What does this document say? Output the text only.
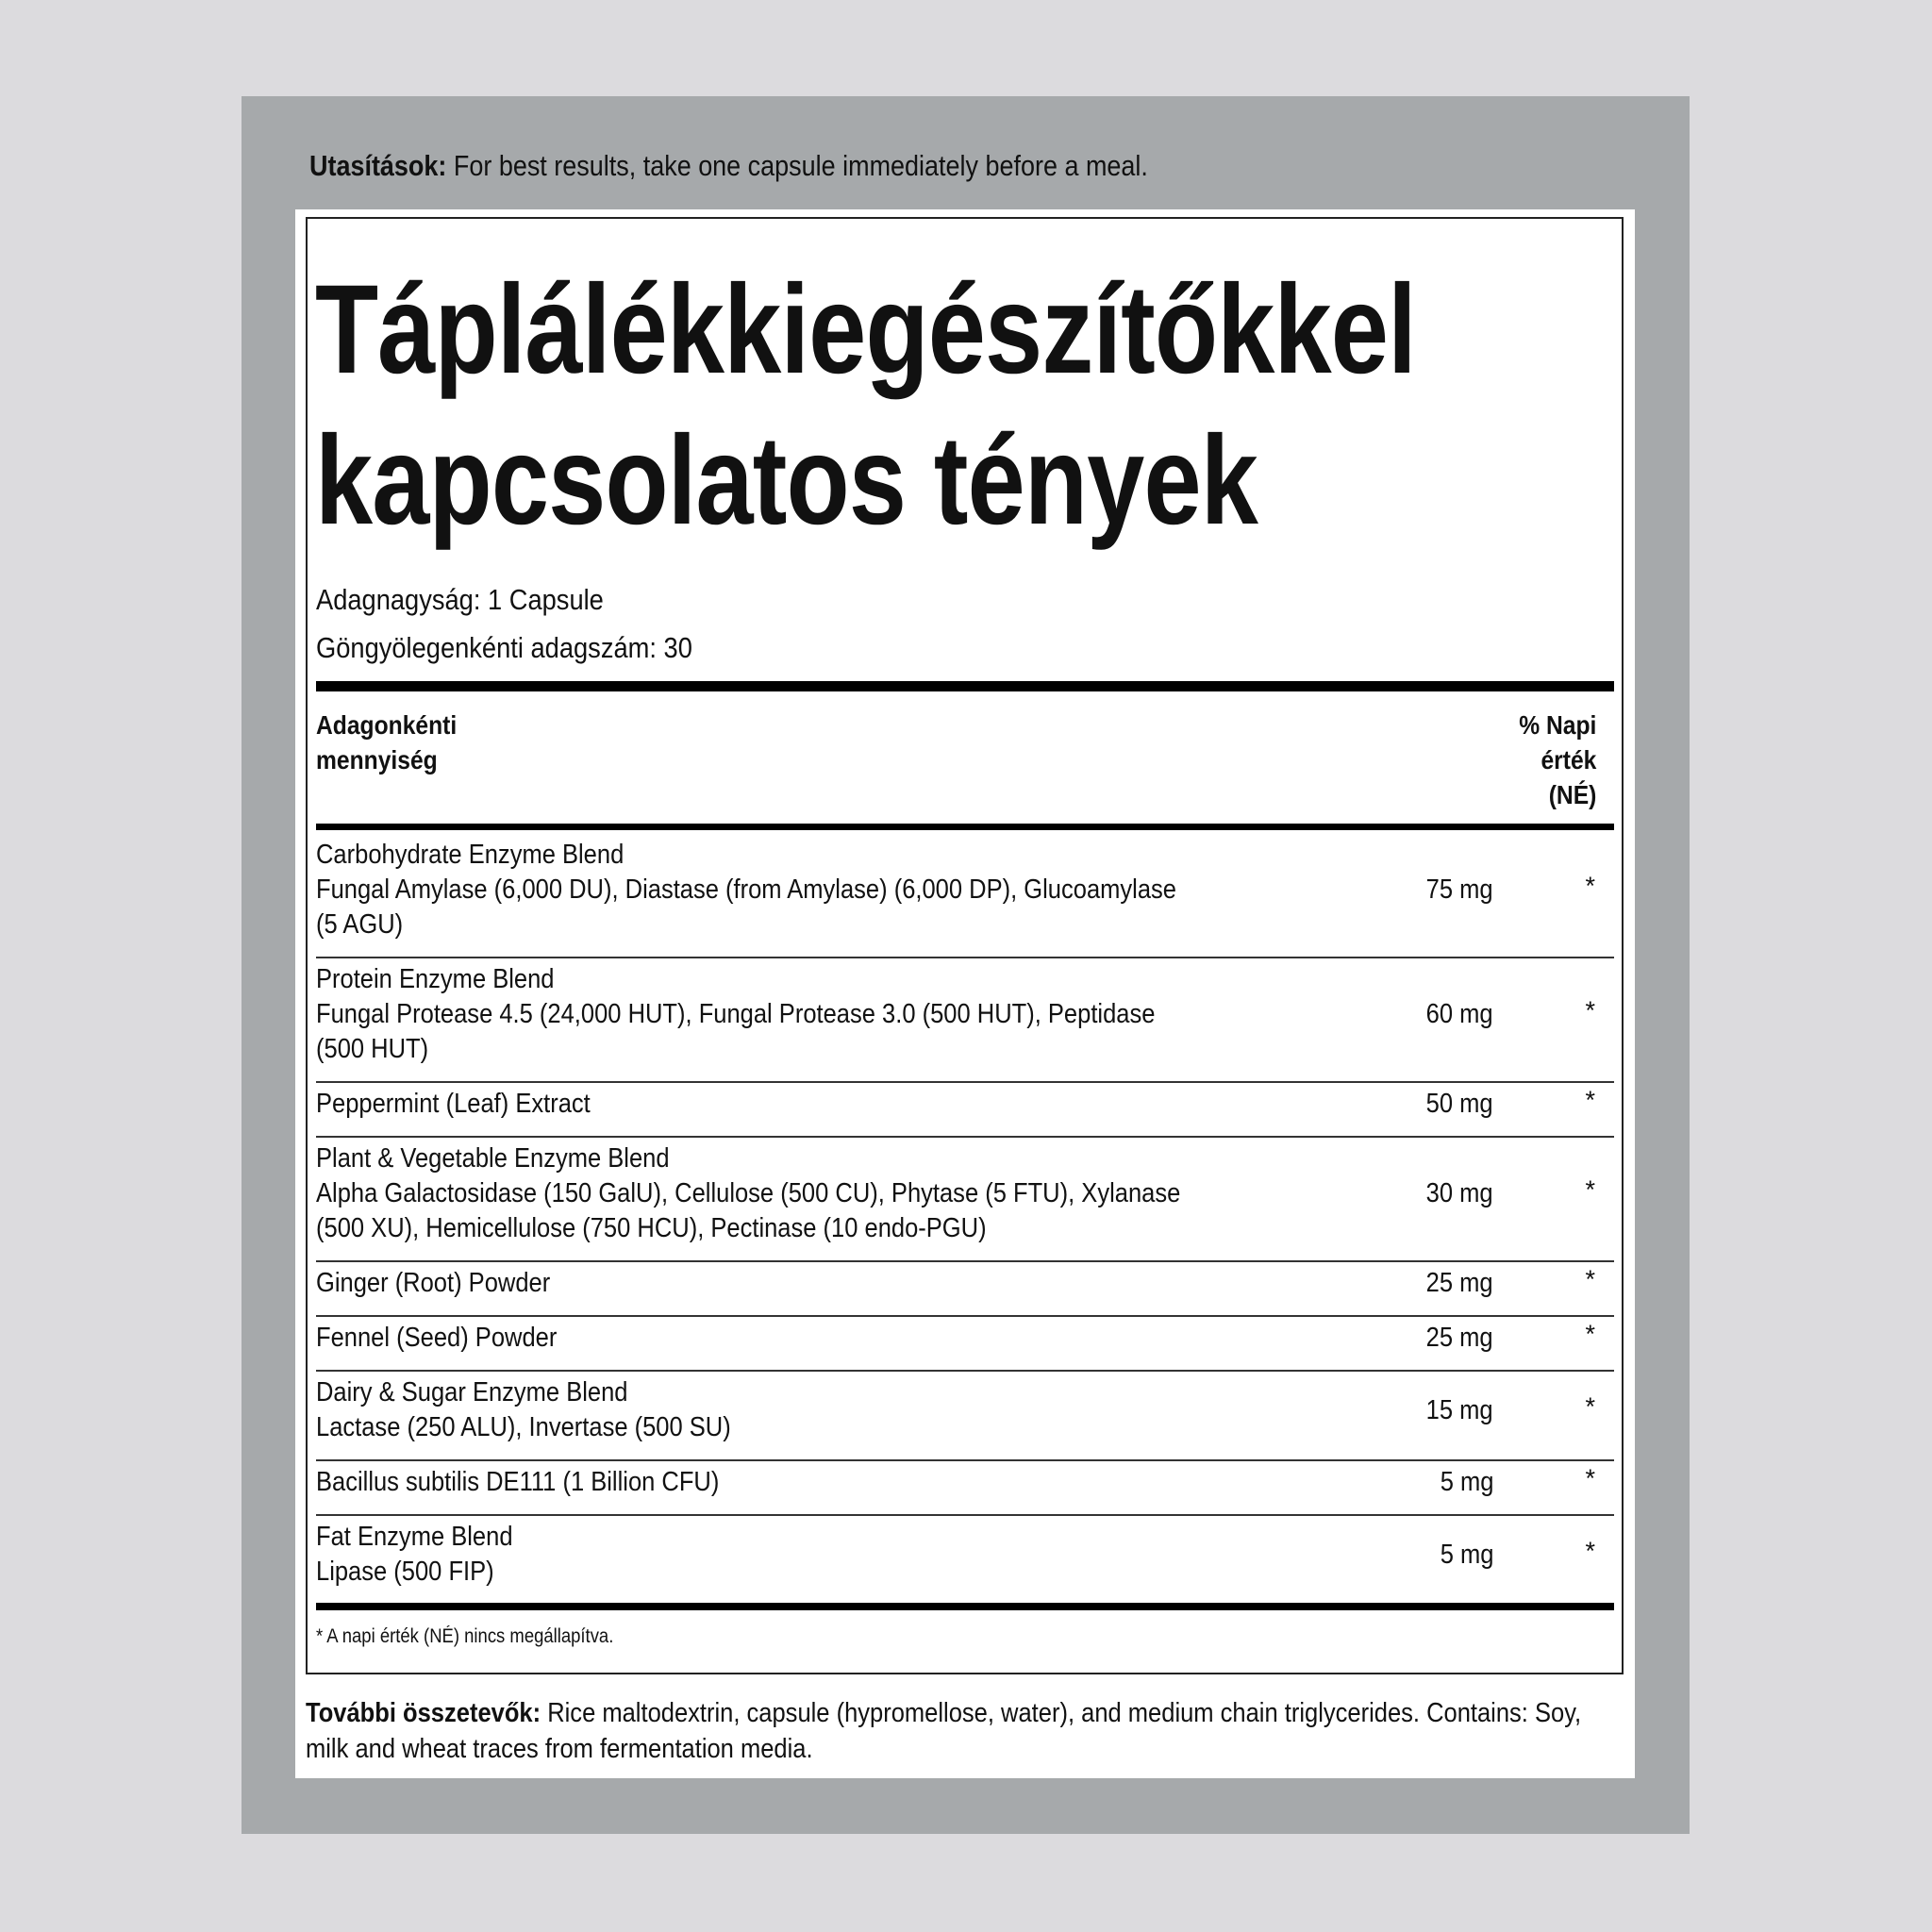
Utasítások: For best results, take one capsule immediately before a meal.
Táplálékkiegészítőkkel
kapcsolatos tények
Adagnagyság: 1 Capsule
Göngyölegenkénti adagszám: 30
Adagonkénti
mennyiség
% Napi
érték
(NÉ)
Carbohydrate Enzyme Blend
Fungal Amylase (6,000 DU), Diastase (from Amylase) (6,000 DP), Glucoamylase
(5 AGU)
75 mg	*
Protein Enzyme Blend
Fungal Protease 4.5 (24,000 HUT), Fungal Protease 3.0 (500 HUT), Peptidase
(500 HUT)
60 mg	*
Peppermint (Leaf) Extract	50 mg	*
Plant & Vegetable Enzyme Blend
Alpha Galactosidase (150 GalU), Cellulose (500 CU), Phytase (5 FTU), Xylanase
(500 XU), Hemicellulose (750 HCU), Pectinase (10 endo-PGU)
30 mg	*
Ginger (Root) Powder	25 mg	*
Fennel (Seed) Powder	25 mg	*
Dairy & Sugar Enzyme Blend
Lactase (250 ALU), Invertase (500 SU)
15 mg	*
Bacillus subtilis DE111 (1 Billion CFU)	5 mg	*
Fat Enzyme Blend
Lipase (500 FIP)
5 mg	*
* A napi érték (NÉ) nincs megállapítva.
További összetevők: Rice maltodextrin, capsule (hypromellose, water), and medium chain triglycerides. Contains: Soy,
milk and wheat traces from fermentation media.
